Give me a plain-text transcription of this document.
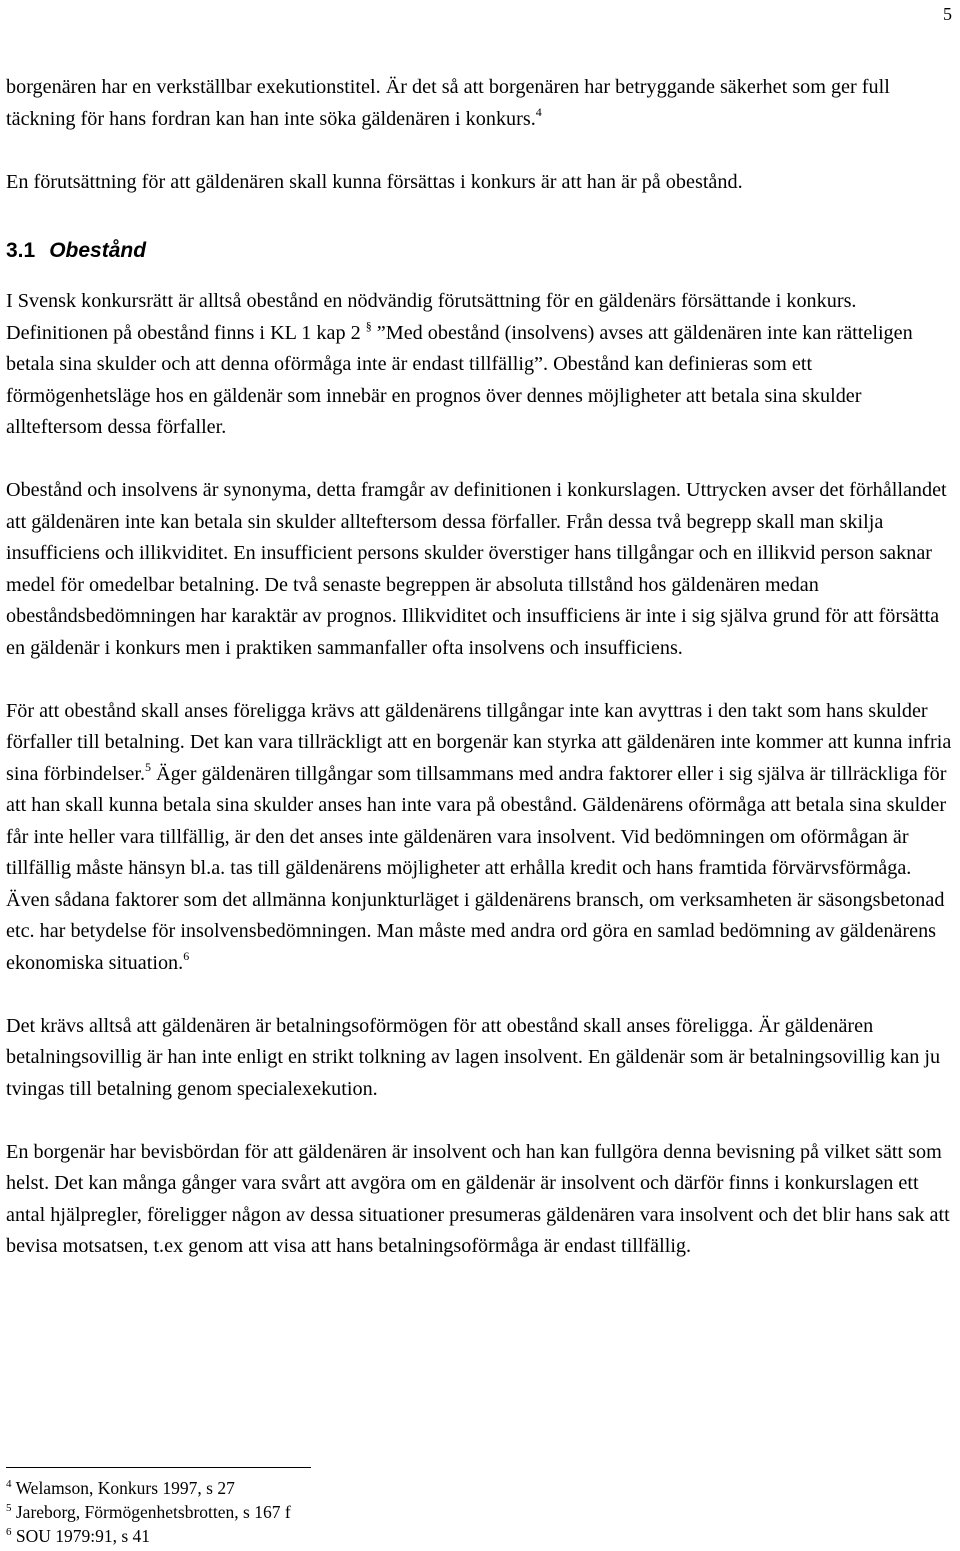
5

borgenären har en verkställbar exekutionstitel. Är det så att borgenären har betryggande säkerhet som ger full täckning för hans fordran kan han inte söka gäldenären i konkurs.$^4$

En förutsättning för att gäldenären skall kunna försättas i konkurs är att han är på obestånd.

3.1 Obestånd

I Svensk konkursrätt är alltså obestånd en nödvändig förutsättning för en gäldenärs försättande i konkurs. Definitionen på obestånd finns i KL 1 kap 2 § ”Med obestånd (insolvens) avses att gäldenären inte kan rätteligen betala sina skulder och att denna oförmåga inte är endast tillfällig”. Obestånd kan definieras som ett förmögenhetsläge hos en gäldenär som innebär en prognos över dennes möjligheter att betala sina skulder allteftersom dessa förfaller.

Obestånd och insolvens är synonyma, detta framgår av definitionen i konkurslagen. Uttrycken avser det förhållandet att gäldenären inte kan betala sin skulder allteftersom dessa förfaller. Från dessa två begrepp skall man skilja insufficiens och illikviditet. En insufficient persons skulder överstiger hans tillgångar och en illikvid person saknar medel för omedelbar betalning. De två senaste begreppen är absoluta tillstånd hos gäldenären medan obeståndsbedömningen har karaktär av prognos. Illikviditet och insufficiens är inte i sig själva grund för att försätta en gäldenär i konkurs men i praktiken sammanfaller ofta insolvens och insufficiens.

För att obestånd skall anses föreligga krävs att gäldenärens tillgångar inte kan avyttras i den takt som hans skulder förfaller till betalning. Det kan vara tillräckligt att en borgenär kan styrka att gäldenären inte kommer att kunna infria sina förbindelser.$^5$ Äger gäldenären tillgångar som tillsammans med andra faktorer eller i sig själva är tillräckliga för att han skall kunna betala sina skulder anses han inte vara på obestånd. Gäldenärens oförmåga att betala sina skulder får inte heller vara tillfällig, är den det anses inte gäldenären vara insolvent. Vid bedömningen om oförmågan är tillfällig måste hänsyn bl.a. tas till gäldenärens möjligheter att erhålla kredit och hans framtida förvärvsförmåga. Även sådana faktorer som det allmänna konjunkturläget i gäldenärens bransch, om verksamheten är säsongsbetonad etc. har betydelse för insolvensbedömningen. Man måste med andra ord göra en samlad bedömning av gäldenärens ekonomiska situation.$^6$

Det krävs alltså att gäldenären är betalningsoförmögen för att obestånd skall anses föreligga. Är gäldenären betalningsovillig är han inte enligt en strikt tolkning av lagen insolvent. En gäldenär som är betalningsovillig kan ju tvingas till betalning genom specialexekution.

En borgenär har bevisbördan för att gäldenären är insolvent och han kan fullgöra denna bevisning på vilket sätt som helst. Det kan många gånger vara svårt att avgöra om en gäldenär är insolvent och därför finns i konkurslagen ett antal hjälpregler, föreligger någon av dessa situationer presumeras gäldenären vara insolvent och det blir hans sak att bevisa motsatsen, t.ex genom att visa att hans betalningsoförmåga är endast tillfällig.

$^4$ Welamson, Konkurs 1997, s 27
$^5$ Jareborg, Förmögenhetsbrotten, s 167 f
$^6$ SOU 1979:91, s 41
